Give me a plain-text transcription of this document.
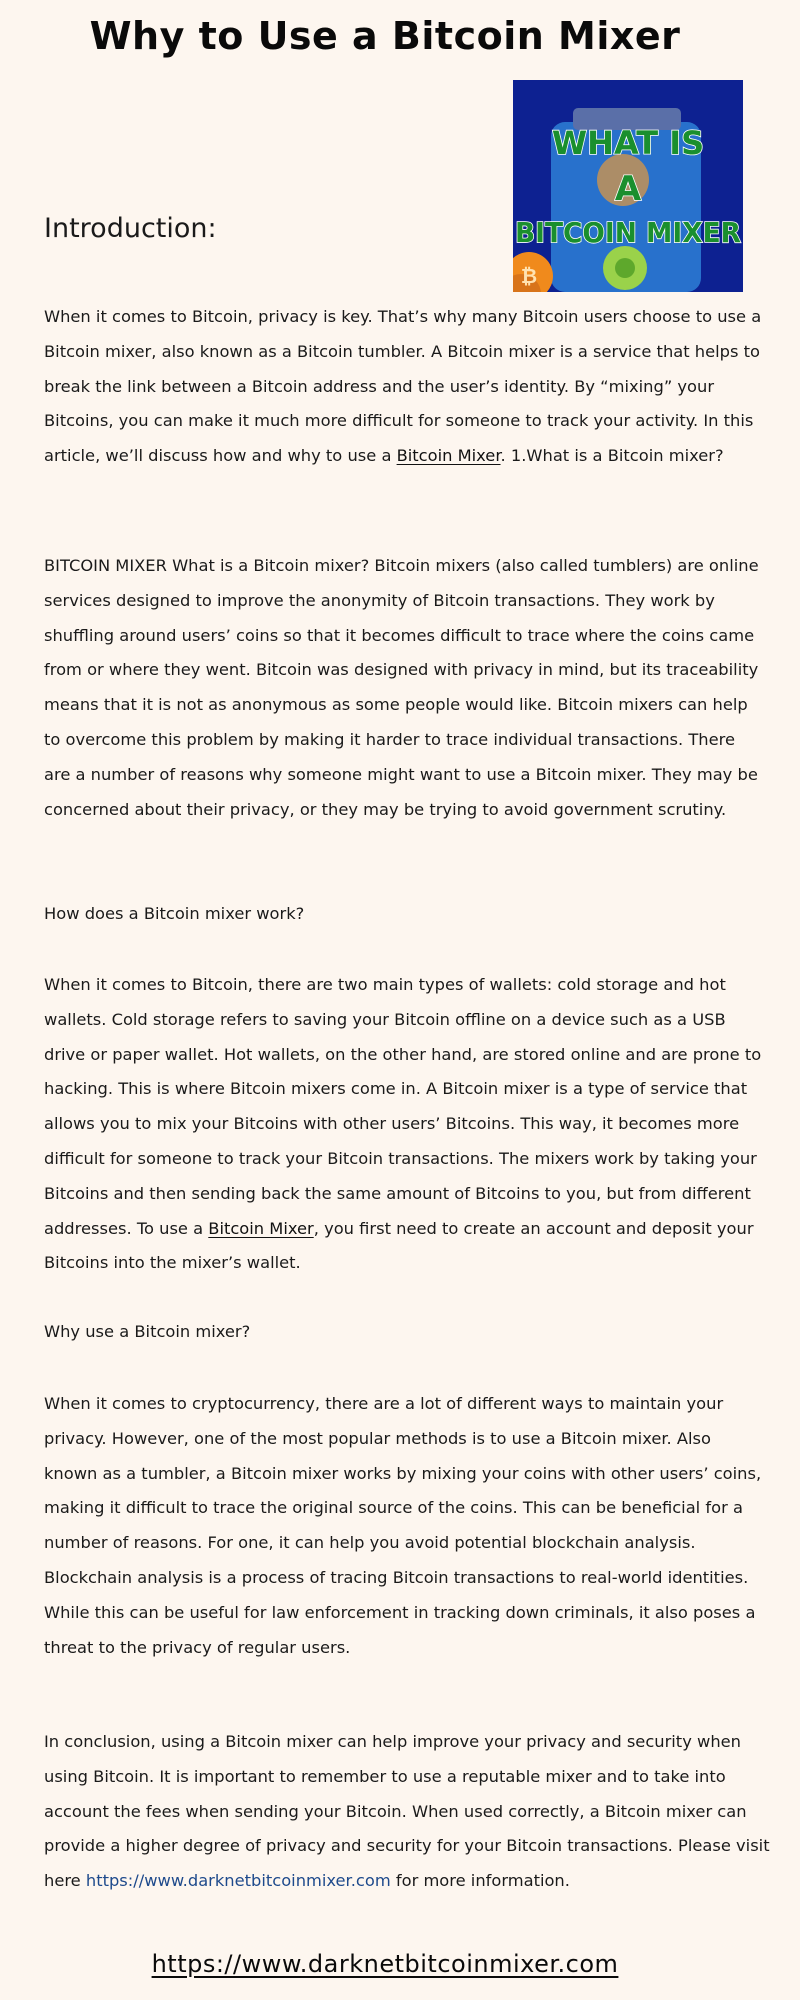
Why to Use a Bitcoin Mixer
₿
WHAT IS
A
BITCOIN MIXER
Introduction:

When it comes to Bitcoin, privacy is key. That’s why many Bitcoin users choose to use a Bitcoin mixer, also known as a Bitcoin tumbler. A Bitcoin mixer is a service that helps to break the link between a Bitcoin address and the user’s identity. By “mixing” your Bitcoins, you can make it much more difficult for someone to track your activity. In this article, we’ll discuss how and why to use a Bitcoin Mixer. 1.What is a Bitcoin mixer?

BITCOIN MIXER What is a Bitcoin mixer? Bitcoin mixers (also called tumblers) are online services designed to improve the anonymity of Bitcoin transactions. They work by shuffling around users’ coins so that it becomes difficult to trace where the coins came from or where they went. Bitcoin was designed with privacy in mind, but its traceability means that it is not as anonymous as some people would like. Bitcoin mixers can help to overcome this problem by making it harder to trace individual transactions. There are a number of reasons why someone might want to use a Bitcoin mixer. They may be concerned about their privacy, or they may be trying to avoid government scrutiny.

How does a Bitcoin mixer work?

When it comes to Bitcoin, there are two main types of wallets: cold storage and hot wallets. Cold storage refers to saving your Bitcoin offline on a device such as a USB drive or paper wallet. Hot wallets, on the other hand, are stored online and are prone to hacking. This is where Bitcoin mixers come in. A Bitcoin mixer is a type of service that allows you to mix your Bitcoins with other users’ Bitcoins. This way, it becomes more difficult for someone to track your Bitcoin transactions. The mixers work by taking your Bitcoins and then sending back the same amount of Bitcoins to you, but from different addresses. To use a Bitcoin Mixer, you first need to create an account and deposit your Bitcoins into the mixer’s wallet.

Why use a Bitcoin mixer?

When it comes to cryptocurrency, there are a lot of different ways to maintain your privacy. However, one of the most popular methods is to use a Bitcoin mixer. Also known as a tumbler, a Bitcoin mixer works by mixing your coins with other users’ coins, making it difficult to trace the original source of the coins. This can be beneficial for a number of reasons. For one, it can help you avoid potential blockchain analysis. Blockchain analysis is a process of tracing Bitcoin transactions to real-world identities. While this can be useful for law enforcement in tracking down criminals, it also poses a threat to the privacy of regular users.

In conclusion, using a Bitcoin mixer can help improve your privacy and security when using Bitcoin. It is important to remember to use a reputable mixer and to take into account the fees when sending your Bitcoin. When used correctly, a Bitcoin mixer can provide a higher degree of privacy and security for your Bitcoin transactions. Please visit here https://www.darknetbitcoinmixer.com for more information.

https://www.darknetbitcoinmixer.com
